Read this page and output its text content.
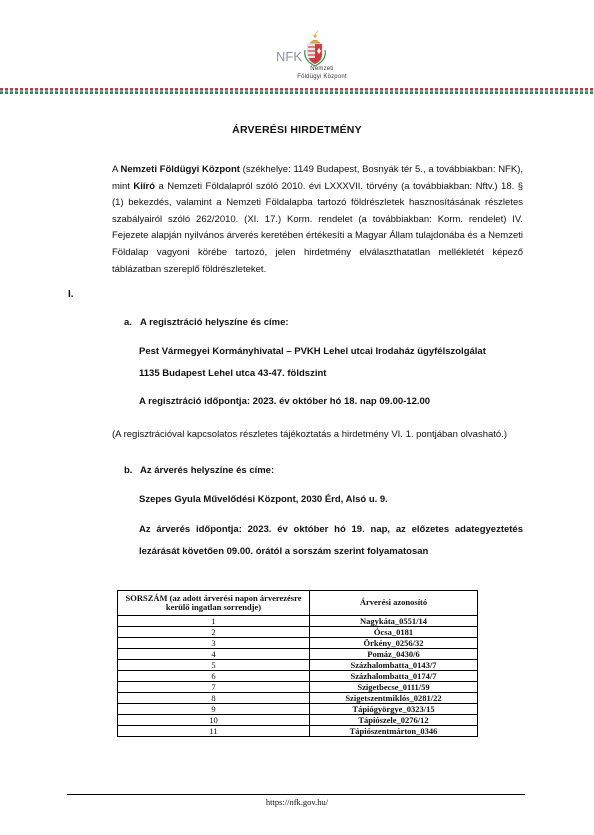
NFK
Nemzeti
Földügyi Központ
ÁRVERÉSI HIRDETMÉNY
A Nemzeti Földügyi Központ (székhelye: 1149 Budapest, Bosnyák tér 5., a továbbiakban: NFK), mint Kiíró a Nemzeti Földalapról szóló 2010. évi LXXXVII. törvény (a továbbiakban: Nftv.) 18. § (1) bekezdés, valamint a Nemzeti Földalapba tartozó földrészletek hasznosításának részletes szabályairól szóló 262/2010. (XI. 17.) Korm. rendelet (a továbbiakban: Korm. rendelet) IV. Fejezete alapján nyilvános árverés keretében értékesíti a Magyar Állam tulajdonába és a Nemzeti Földalap vagyoni körébe tartozó, jelen hirdetmény elválaszthatatlan mellékletét képező táblázatban szereplő földrészleteket.
I.
a. A regisztráció helyszíne és címe:
Pest Vármegyei Kormányhivatal – PVKH Lehel utcai Irodaház ügyfélszolgálat
1135 Budapest Lehel utca 43-47. földszint
A regisztráció időpontja: 2023. év október hó 18. nap 09.00-12.00
(A regisztrációval kapcsolatos részletes tájékoztatás a hirdetmény VI. 1. pontjában olvasható.)
b. Az árverés helyszíne és címe:
Szepes Gyula Művelődési Központ, 2030 Érd, Alsó u. 9.
Az árverés időpontja: 2023. év október hó 19. nap, az előzetes adategyeztetés lezárását követően 09.00. órától a sorszám szerint folyamatosan
SORSZÁM (az adott árverési napon árverezésre kerülő ingatlan sorrendje)	Árverési azonosító
1	Nagykáta_0551/14
2	Ócsa_0181
3	Örkény_0256/32
4	Pomáz_0430/6
5	Százhalombatta_0143/7
6	Százhalombatta_0174/7
7	Szigetbecse_0111/59
8	Szigetszentmiklós_0281/22
9	Tápiógyörgye_0323/15
10	Tápiószele_0276/12
11	Tápiószentmárton_0346
https://nfk.gov.hu/
